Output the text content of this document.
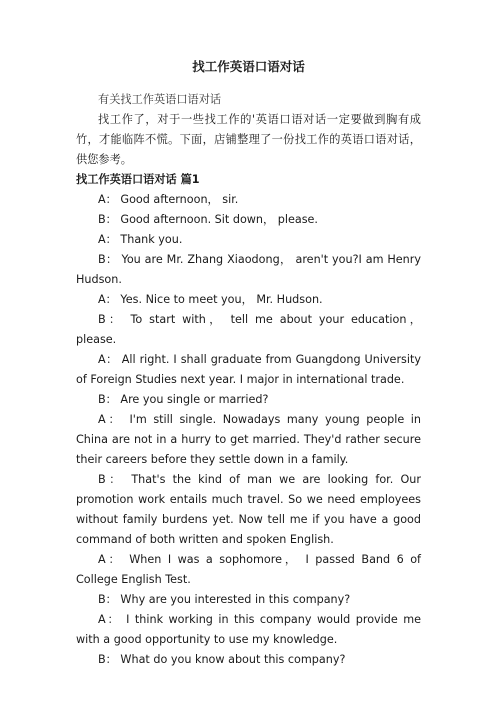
找工作英语口语对话

有关找工作英语口语对话

找工作了，对于一些找工作的'英语口语对话一定要做到胸有成竹，才能临阵不慌。下面，店铺整理了一份找工作的英语口语对话，供您参考。

找工作英语口语对话 篇1

A： Good afternoon， sir.

B： Good afternoon. Sit down， please.

A： Thank you.

B： You are Mr. Zhang Xiaodong， aren't you?I am Henry Hudson.

A： Yes. Nice to meet you， Mr. Hudson.

B： To start with， tell me about your education， please.

A： All right. I shall graduate from Guangdong University of Foreign Studies next year. I major in international trade.

B： Are you single or married?

A： I'm still single. Nowadays many young people in China are not in a hurry to get married. They'd rather secure their careers before they settle down in a family.

B： That's the kind of man we are looking for. Our promotion work entails much travel. So we need employees without family burdens yet. Now tell me if you have a good command of both written and spoken English.

A： When I was a sophomore， I passed Band 6 of College English Test.

B： Why are you interested in this company?

A： I think working in this company would provide me with a good opportunity to use my knowledge.

B： What do you know about this company?
